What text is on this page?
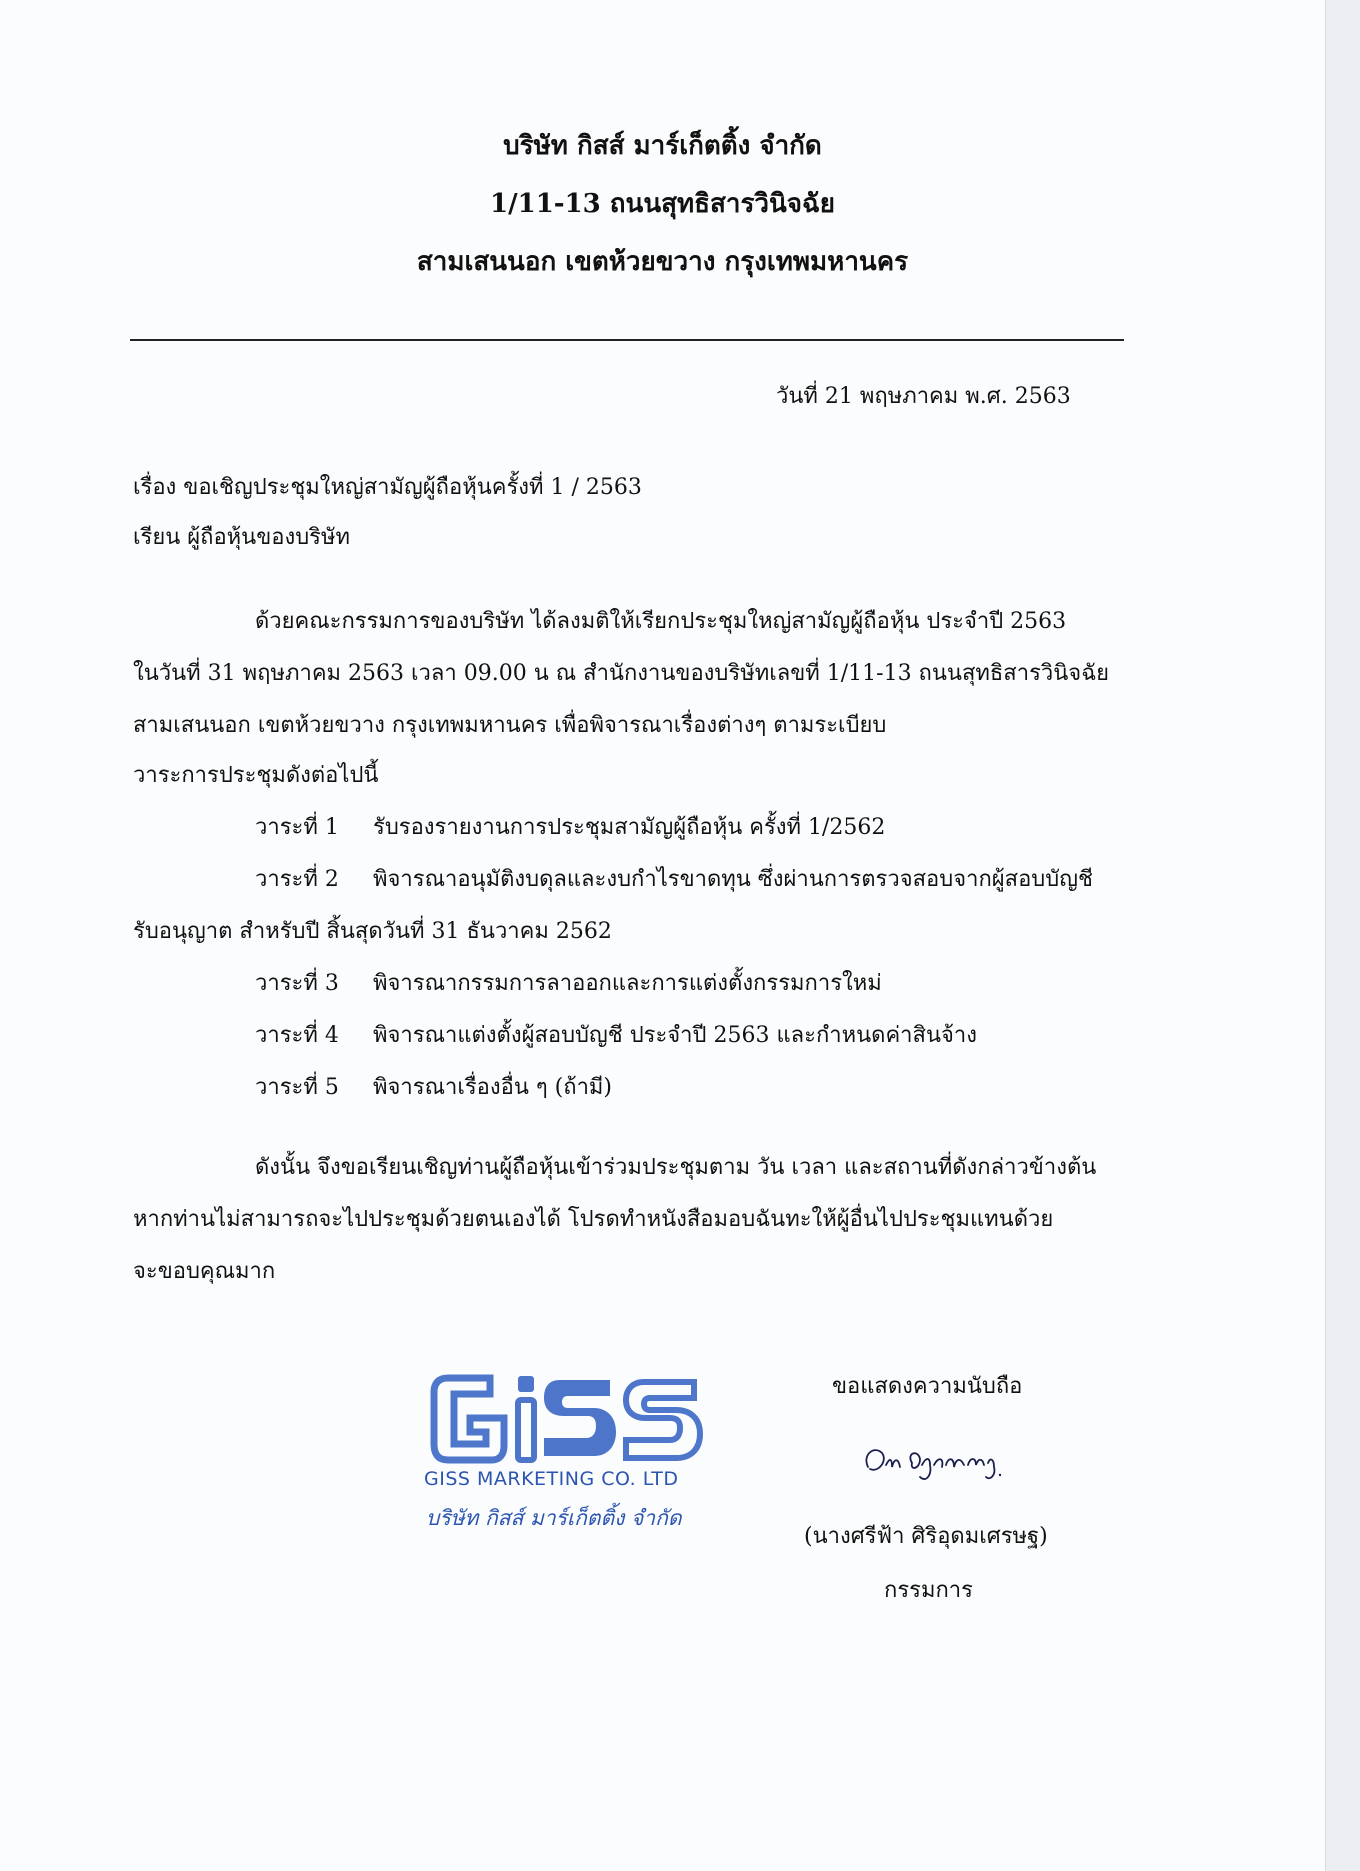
บริษัท กิสส์ มาร์เก็ตติ้ง จำกัด
1/11-13 ถนนสุทธิสารวินิจฉัย
สามเสนนอก เขตห้วยขวาง กรุงเทพมหานคร
วันที่ 21 พฤษภาคม พ.ศ. 2563
เรื่อง ขอเชิญประชุมใหญ่สามัญผู้ถือหุ้นครั้งที่ 1 / 2563
เรียน ผู้ถือหุ้นของบริษัท
ด้วยคณะกรรมการของบริษัท ได้ลงมติให้เรียกประชุมใหญ่สามัญผู้ถือหุ้น ประจำปี 2563
ในวันที่ 31 พฤษภาคม 2563 เวลา 09.00 น ณ สำนักงานของบริษัทเลขที่ 1/11-13 ถนนสุทธิสารวินิจฉัย
สามเสนนอก เขตห้วยขวาง กรุงเทพมหานคร เพื่อพิจารณาเรื่องต่างๆ ตามระเบียบ
วาระการประชุมดังต่อไปนี้
วาระที่ 1 รับรองรายงานการประชุมสามัญผู้ถือหุ้น ครั้งที่ 1/2562
วาระที่ 2 พิจารณาอนุมัติงบดุลและงบกำไรขาดทุน ซึ่งผ่านการตรวจสอบจากผู้สอบบัญชี
รับอนุญาต สำหรับปี สิ้นสุดวันที่ 31 ธันวาคม 2562
วาระที่ 3 พิจารณากรรมการลาออกและการแต่งตั้งกรรมการใหม่
วาระที่ 4 พิจารณาแต่งตั้งผู้สอบบัญชี ประจำปี 2563 และกำหนดค่าสินจ้าง
วาระที่ 5 พิจารณาเรื่องอื่น ๆ (ถ้ามี)
ดังนั้น จึงขอเรียนเชิญท่านผู้ถือหุ้นเข้าร่วมประชุมตาม วัน เวลา และสถานที่ดังกล่าวข้างต้น
หากท่านไม่สามารถจะไปประชุมด้วยตนเองได้ โปรดทำหนังสือมอบฉันทะให้ผู้อื่นไปประชุมแทนด้วย
จะขอบคุณมาก
ขอแสดงความนับถือ
(นางศรีฟ้า ศิริอุดมเศรษฐ)
กรรมการ
GISS MARKETING CO. LTD
บริษัท กิสส์ มาร์เก็ตติ้ง จำกัด
